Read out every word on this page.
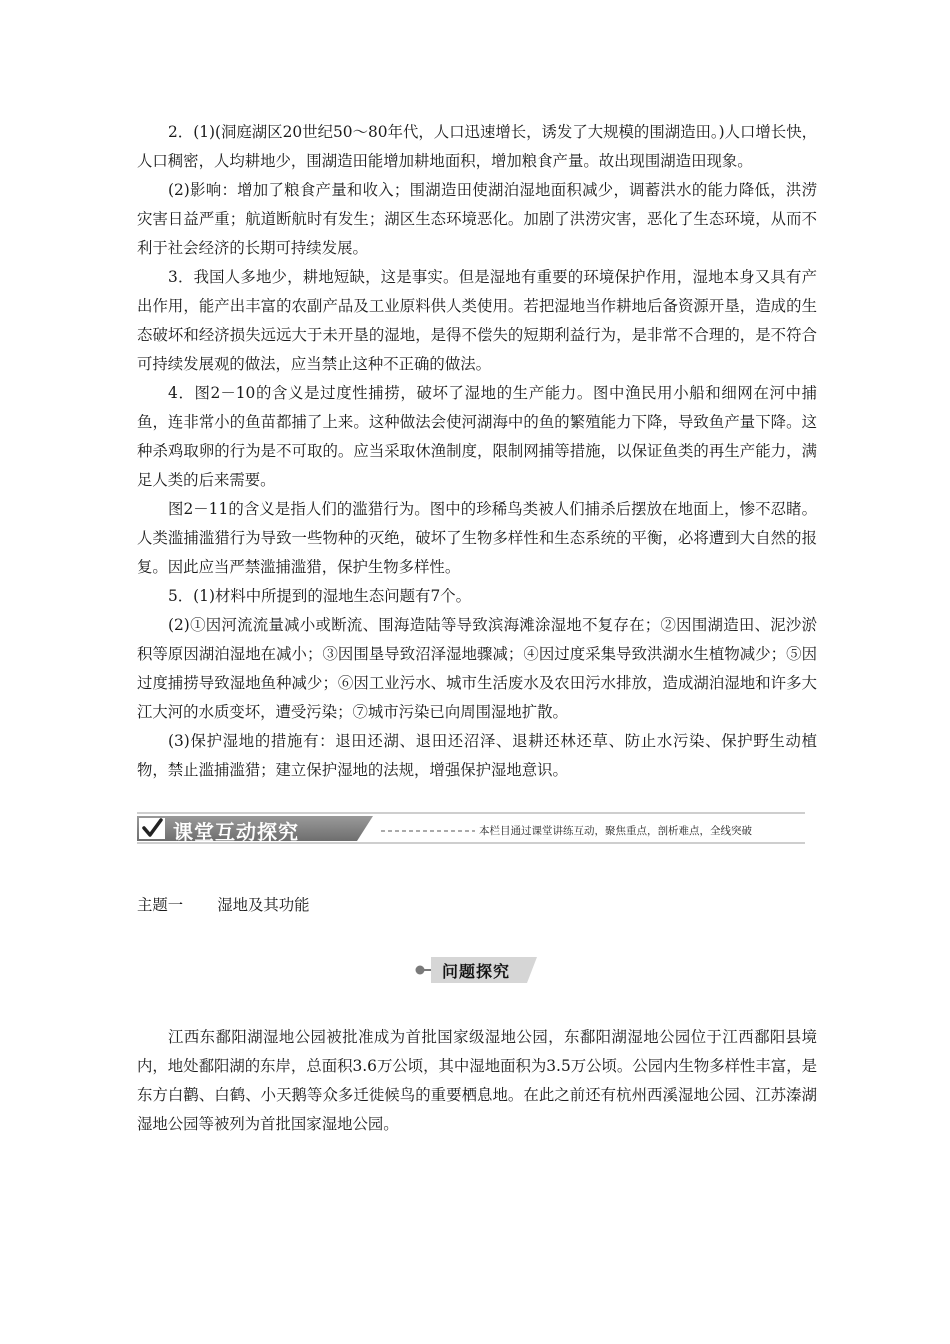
2．(1)(洞庭湖区20世纪50～80年代，人口迅速增长，诱发了大规模的围湖造田。)人口增长快，人口稠密，人均耕地少，围湖造田能增加耕地面积，增加粮食产量。故出现围湖造田现象。

(2)影响：增加了粮食产量和收入；围湖造田使湖泊湿地面积减少，调蓄洪水的能力降低，洪涝灾害日益严重；航道断航时有发生；湖区生态环境恶化。加剧了洪涝灾害，恶化了生态环境，从而不利于社会经济的长期可持续发展。

3．我国人多地少，耕地短缺，这是事实。但是湿地有重要的环境保护作用，湿地本身又具有产出作用，能产出丰富的农副产品及工业原料供人类使用。若把湿地当作耕地后备资源开垦，造成的生态破坏和经济损失远远大于未开垦的湿地，是得不偿失的短期利益行为，是非常不合理的，是不符合可持续发展观的做法，应当禁止这种不正确的做法。

4．图2－10的含义是过度性捕捞，破坏了湿地的生产能力。图中渔民用小船和细网在河中捕鱼，连非常小的鱼苗都捕了上来。这种做法会使河湖海中的鱼的繁殖能力下降，导致鱼产量下降。这种杀鸡取卵的行为是不可取的。应当采取休渔制度，限制网捕等措施，以保证鱼类的再生产能力，满足人类的后来需要。

图2－11的含义是指人们的滥猎行为。图中的珍稀鸟类被人们捕杀后摆放在地面上，惨不忍睹。人类滥捕滥猎行为导致一些物种的灭绝，破坏了生物多样性和生态系统的平衡，必将遭到大自然的报复。因此应当严禁滥捕滥猎，保护生物多样性。

5．(1)材料中所提到的湿地生态问题有7个。

(2)①因河流流量减小或断流、围海造陆等导致滨海滩涂湿地不复存在；②因围湖造田、泥沙淤积等原因湖泊湿地在减小；③因围垦导致沼泽湿地骤减；④因过度采集导致洪湖水生植物减少；⑤因过度捕捞导致湿地鱼种减少；⑥因工业污水、城市生活废水及农田污水排放，造成湖泊湿地和许多大江大河的水质变坏，遭受污染；⑦城市污染已向周围湿地扩散。

(3)保护湿地的措施有：退田还湖、退田还沼泽、退耕还林还草、防止水污染、保护野生动植物，禁止滥捕滥猎；建立保护湿地的法规，增强保护湿地意识。

课堂互动探究	本栏目通过课堂讲练互动，聚焦重点，剖析难点，全线突破
主题一 湿地及其功能
问题探究

江西东鄱阳湖湿地公园被批准成为首批国家级湿地公园，东鄱阳湖湿地公园位于江西鄱阳县境内，地处鄱阳湖的东岸，总面积3.6万公顷，其中湿地面积为3.5万公顷。公园内生物多样性丰富，是东方白鹳、白鹤、小天鹅等众多迁徙候鸟的重要栖息地。在此之前还有杭州西溪湿地公园、江苏溱湖湿地公园等被列为首批国家湿地公园。
